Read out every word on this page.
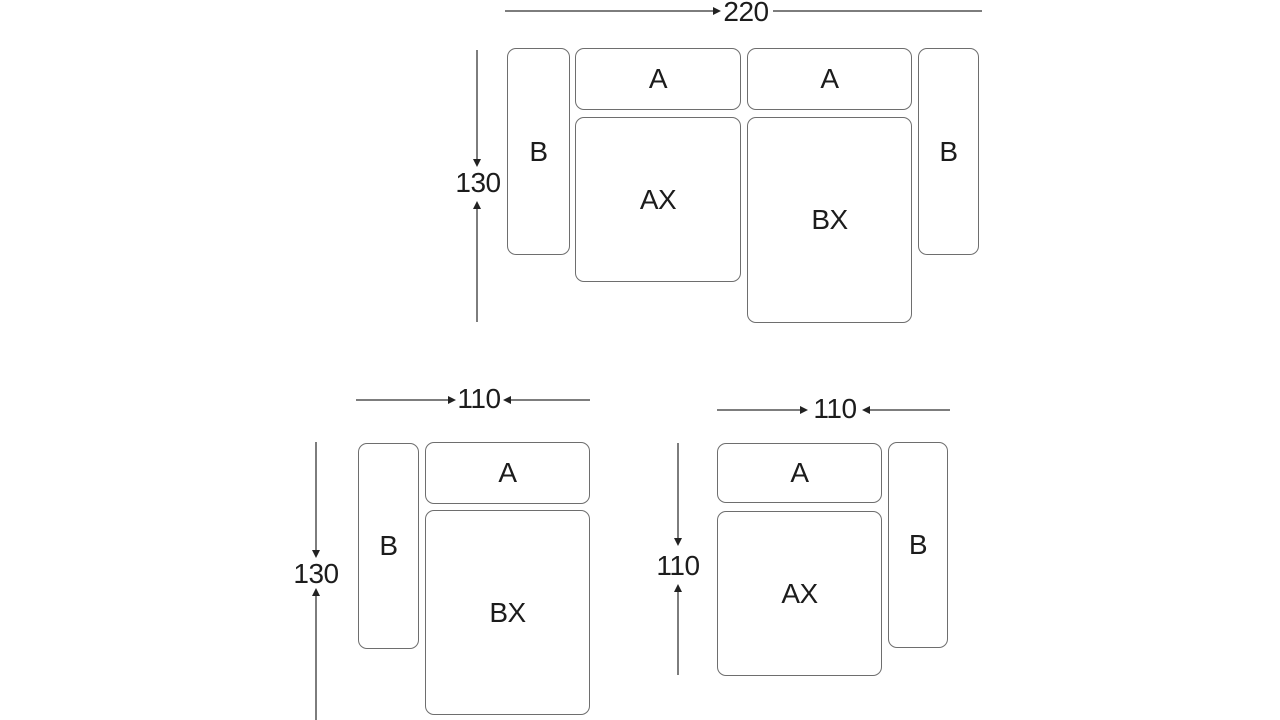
220
130
B
A	A
AX
BX
B
110
130
B
A
BX
110
110
A
AX
B
